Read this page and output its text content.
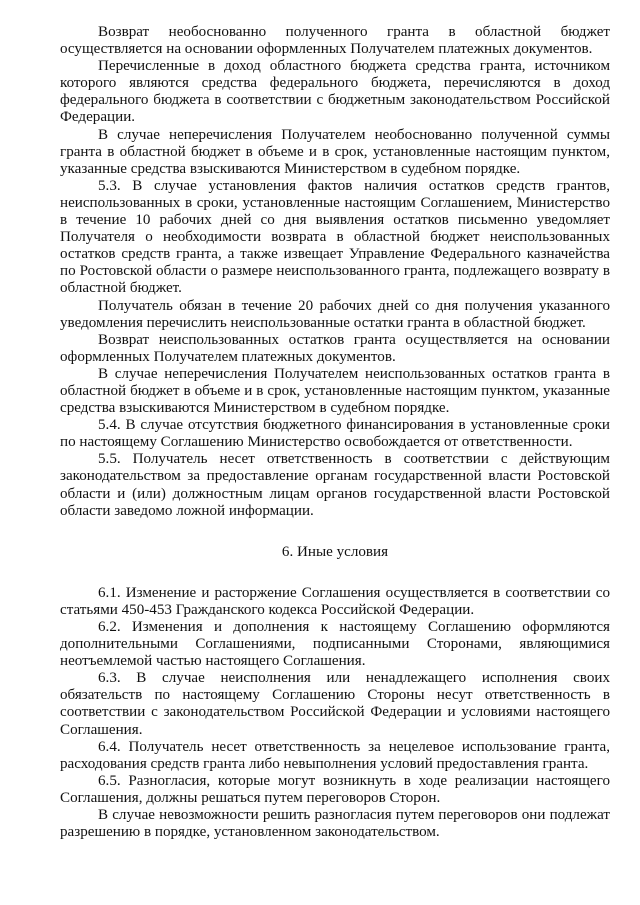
Возврат необоснованно полученного гранта в областной бюджет осуществляется на основании оформленных Получателем платежных документов.

Перечисленные в доход областного бюджета средства гранта, источником которого являются средства федерального бюджета, перечисляются в доход федерального бюджета в соответствии с бюджетным законодательством Российской Федерации.

В случае неперечисления Получателем необоснованно полученной суммы гранта в областной бюджет в объеме и в срок, установленные настоящим пунктом, указанные средства взыскиваются Министерством в судебном порядке.

5.3. В случае установления фактов наличия остатков средств грантов, неиспользованных в сроки, установленные настоящим Соглашением, Министерство в течение 10 рабочих дней со дня выявления остатков письменно уведомляет Получателя о необходимости возврата в областной бюджет неиспользованных остатков средств гранта, а также извещает Управление Федерального казначейства по Ростовской области о размере неиспользованного гранта, подлежащего возврату в областной бюджет.

Получатель обязан в течение 20 рабочих дней со дня получения указанного уведомления перечислить неиспользованные остатки гранта в областной бюджет.

Возврат неиспользованных остатков гранта осуществляется на основании оформленных Получателем платежных документов.

В случае неперечисления Получателем неиспользованных остатков гранта в областной бюджет в объеме и в срок, установленные настоящим пунктом, указанные средства взыскиваются Министерством в судебном порядке.

5.4. В случае отсутствия бюджетного финансирования в установленные сроки по настоящему Соглашению Министерство освобождается от ответственности.

5.5. Получатель несет ответственность в соответствии с действующим законодательством за предоставление органам государственной власти Ростовской области и (или) должностным лицам органов государственной власти Ростовской области заведомо ложной информации.

6. Иные условия

6.1. Изменение и расторжение Соглашения осуществляется в соответствии со статьями 450-453 Гражданского кодекса Российской Федерации.

6.2. Изменения и дополнения к настоящему Соглашению оформляются дополнительными Соглашениями, подписанными Сторонами, являющимися неотъемлемой частью настоящего Соглашения.

6.3. В случае неисполнения или ненадлежащего исполнения своих обязательств по настоящему Соглашению Стороны несут ответственность в соответствии с законодательством Российской Федерации и условиями настоящего Соглашения.

6.4. Получатель несет ответственность за нецелевое использование гранта, расходования средств гранта либо невыполнения условий предоставления гранта.

6.5. Разногласия, которые могут возникнуть в ходе реализации настоящего Соглашения, должны решаться путем переговоров Сторон.

В случае невозможности решить разногласия путем переговоров они подлежат разрешению в порядке, установленном законодательством.
